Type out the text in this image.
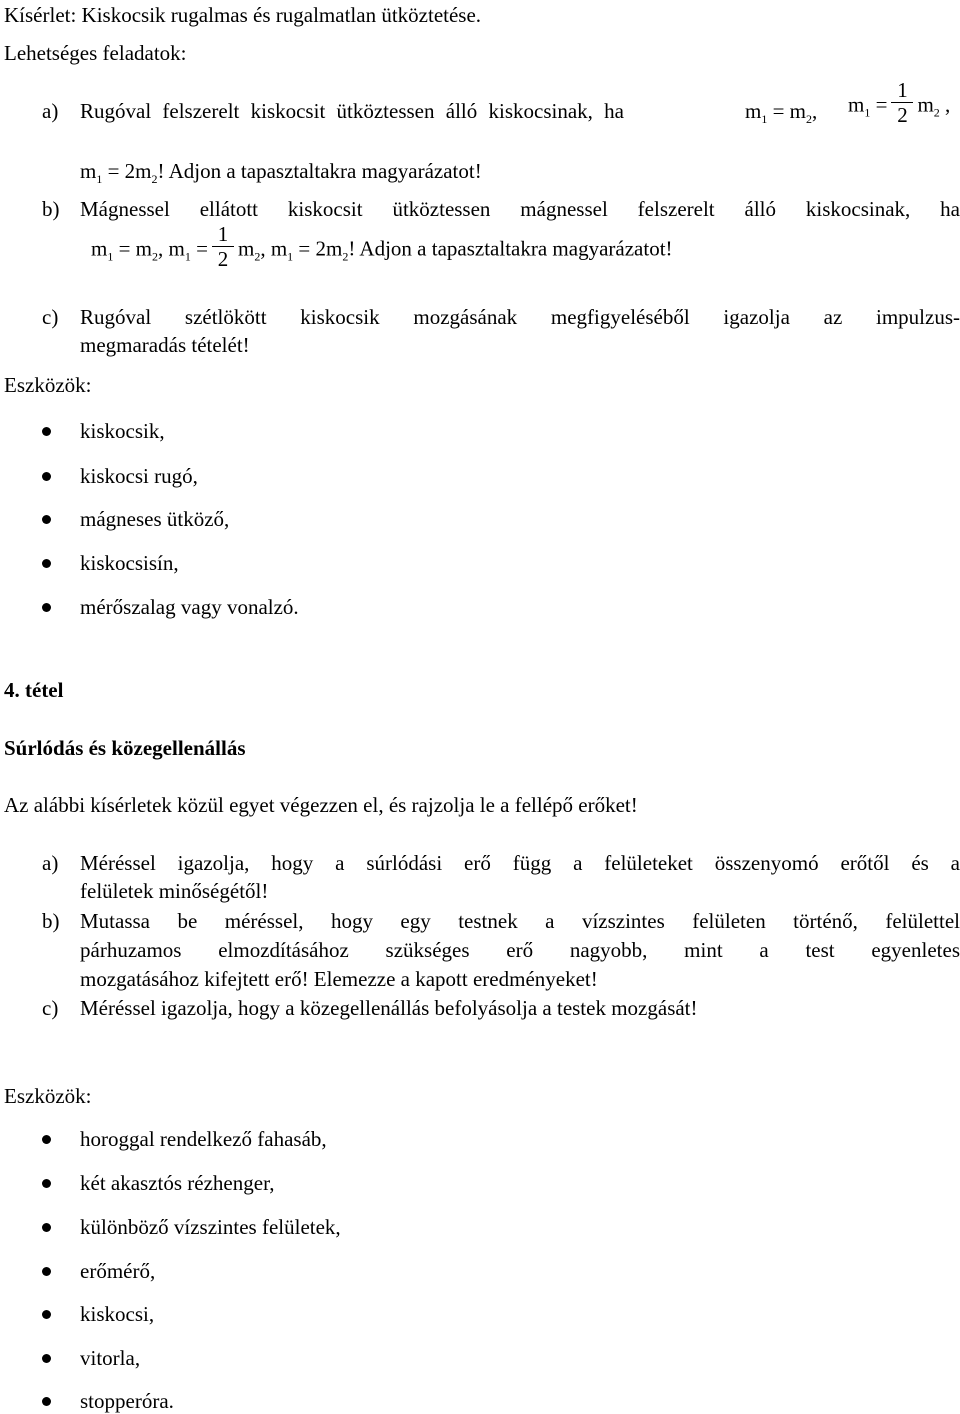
Kísérlet: Kiskocsik rugalmas és rugalmatlan ütköztetése.
Lehetséges feladatok:
a) Rugóval felszerelt kiskocsit ütköztessen álló kiskocsinak, ha	$m_1 = m_2$, $m_1 = \frac{1}{2} m_2$ ,
$m_1 = 2m_2$! Adjon a tapasztaltakra magyarázatot!
b) Mágnessel ellátott kiskocsit ütköztessen mágnessel felszerelt álló kiskocsinak, ha
$m_1 = m_2$, $m_1 = \frac{1}{2} m_2$, $m_1 = 2m_2$! Adjon a tapasztaltakra magyarázatot!
c) Rugóval szétlökött kiskocsik mozgásának megfigyeléséből igazolja az impulzus-
megmaradás tételét!
Eszközök:
kiskocsik,
kiskocsi rugó,
mágneses ütköző,
kiskocsisín,
mérőszalag vagy vonalzó.
4. tétel
Súrlódás és közegellenállás
Az alábbi kísérletek közül egyet végezzen el, és rajzolja le a fellépő erőket!
a) Méréssel igazolja, hogy a súrlódási erő függ a felületeket összenyomó erőtől és a
felületek minőségétől!
b) Mutassa be méréssel, hogy egy testnek a vízszintes felületen történő, felülettel
párhuzamos elmozdításához szükséges erő nagyobb, mint a test egyenletes
mozgatásához kifejtett erő! Elemezze a kapott eredményeket!
c) Méréssel igazolja, hogy a közegellenállás befolyásolja a testek mozgását!
Eszközök:
horoggal rendelkező fahasáb,
két akasztós rézhenger,
különböző vízszintes felületek,
erőmérő,
kiskocsi,
vitorla,
stopperóra.
